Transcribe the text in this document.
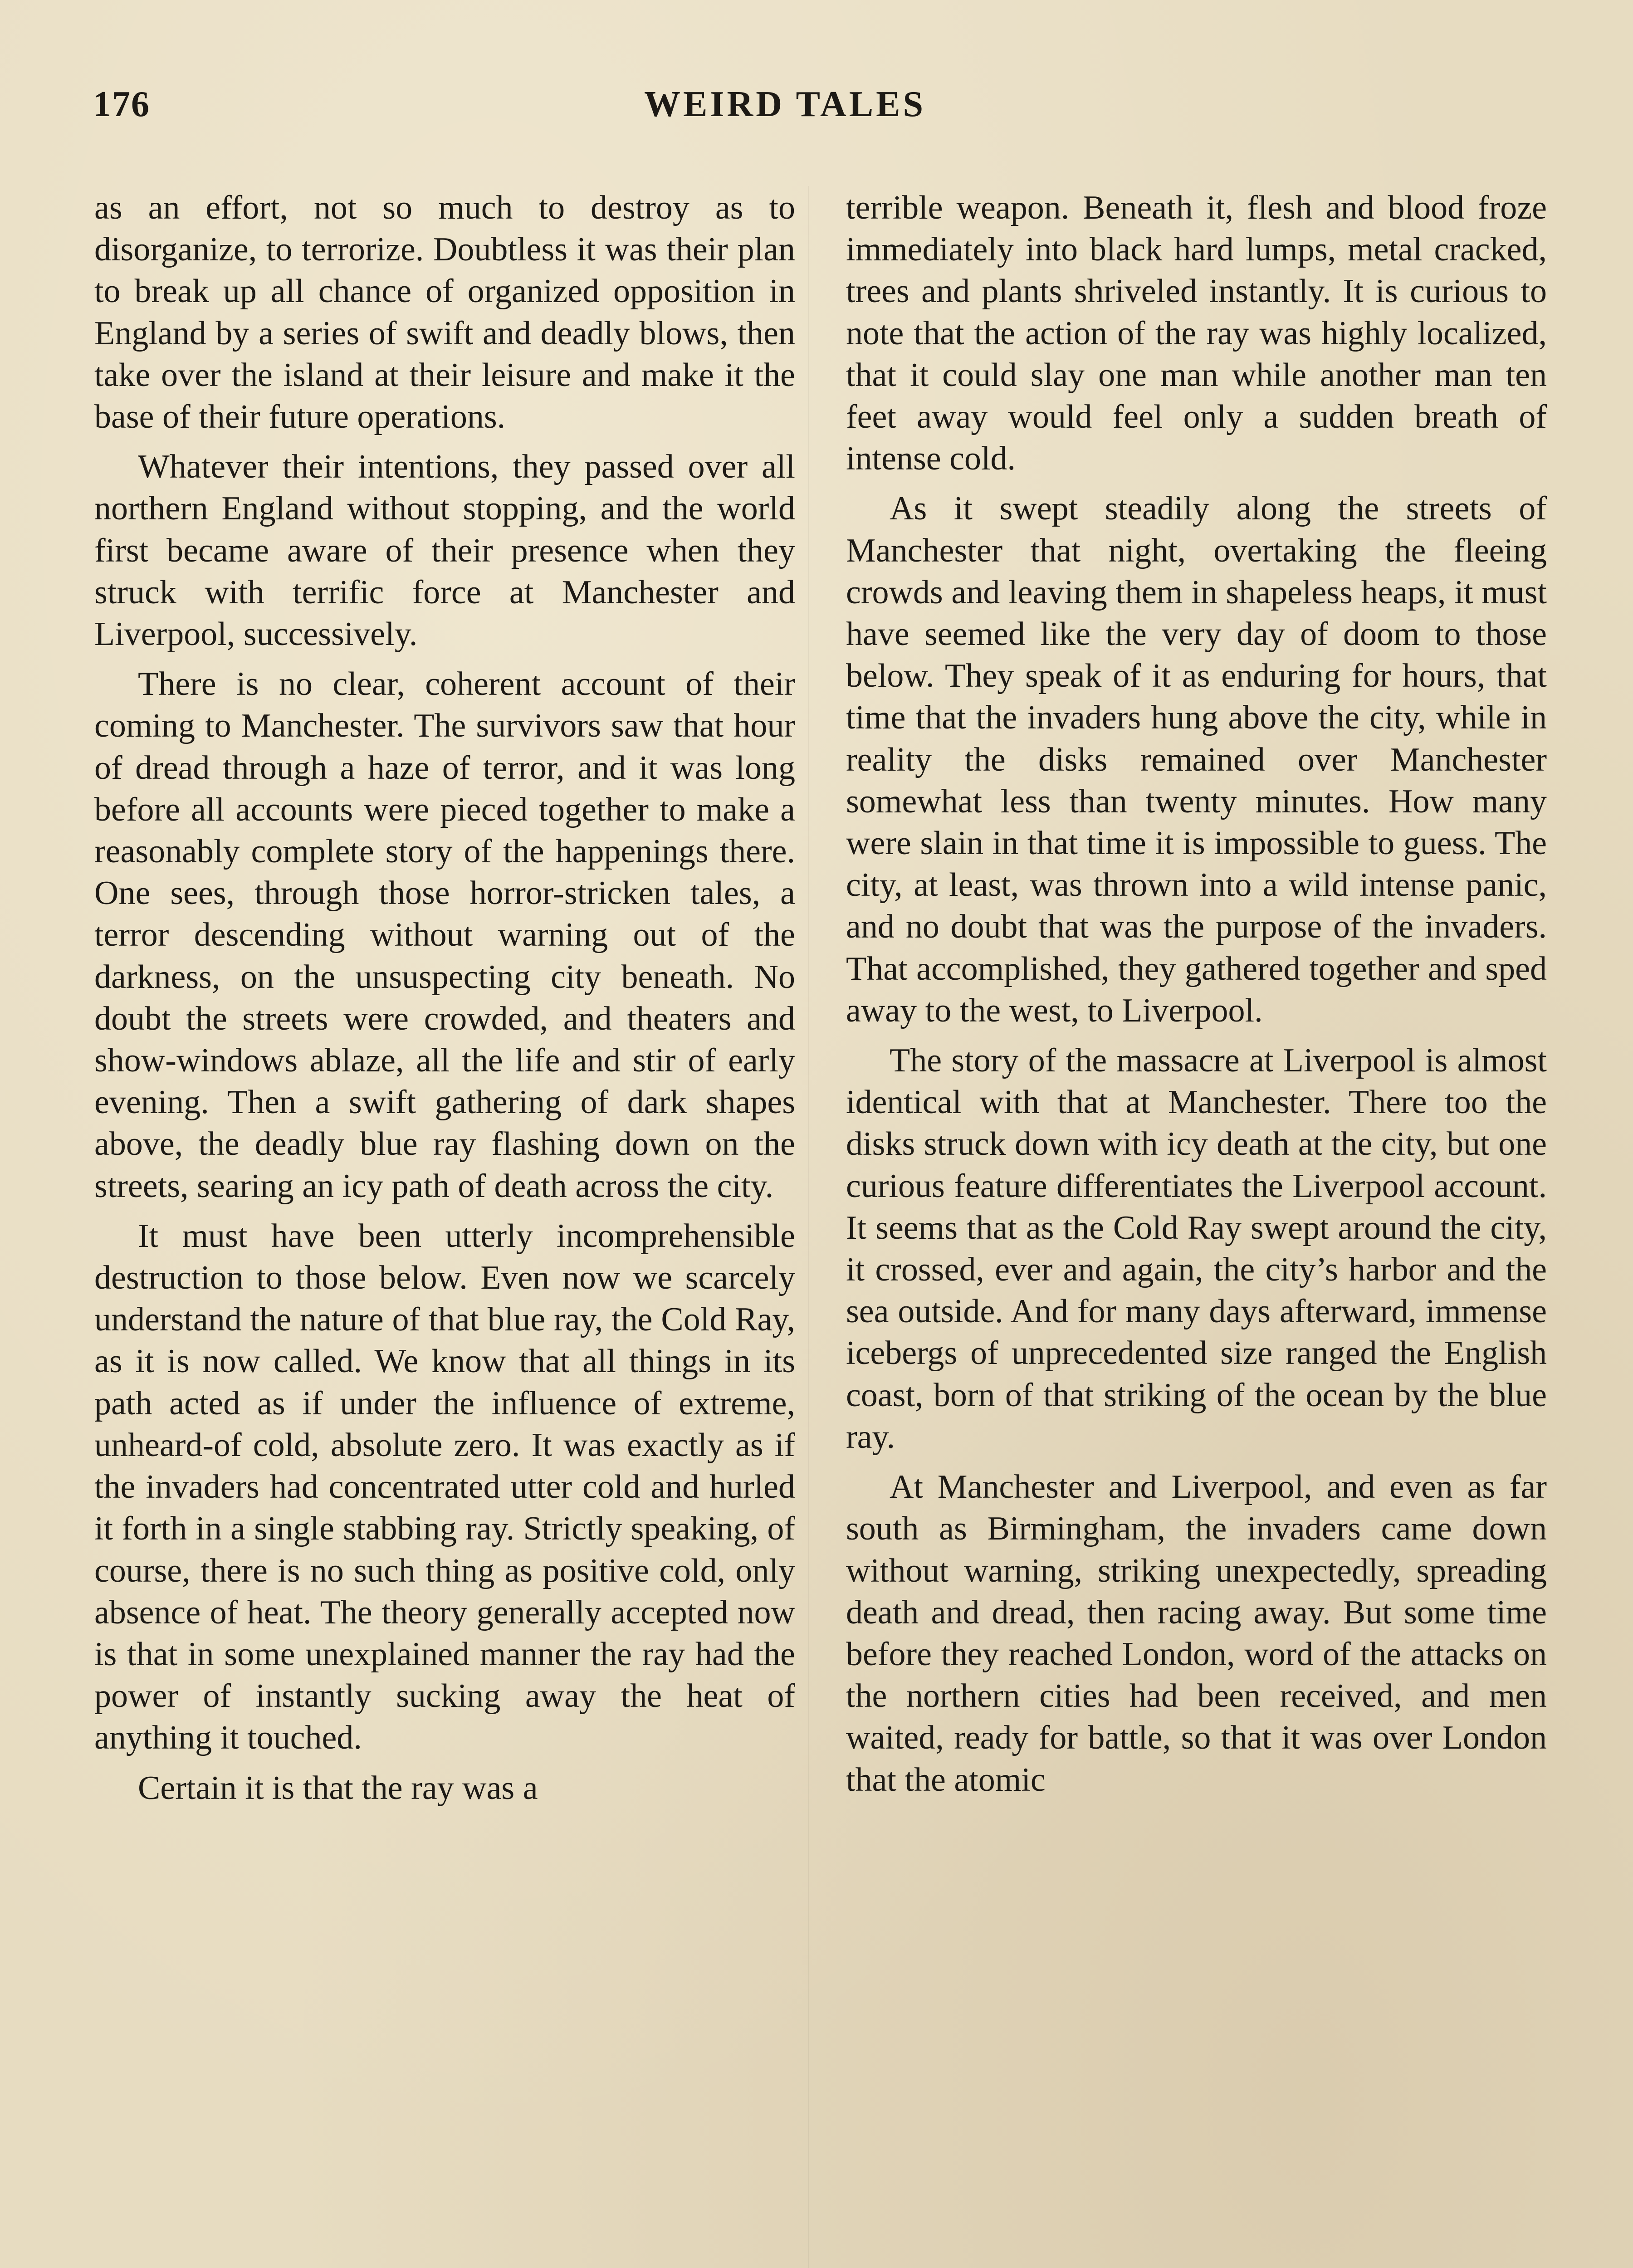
176	WEIRD TALES

as an effort, not so much to destroy as to disorganize, to terrorize. Doubtless it was their plan to break up all chance of organized opposition in England by a series of swift and deadly blows, then take over the island at their leisure and make it the base of their future operations.

Whatever their intentions, they passed over all northern England without stopping, and the world first became aware of their presence when they struck with terrific force at Manchester and Liverpool, successively.

There is no clear, coherent account of their coming to Manchester. The survivors saw that hour of dread through a haze of terror, and it was long before all accounts were pieced together to make a reasonably complete story of the happenings there. One sees, through those horror-stricken tales, a terror descending without warning out of the darkness, on the unsuspecting city beneath. No doubt the streets were crowded, and theaters and show-windows ablaze, all the life and stir of early evening. Then a swift gathering of dark shapes above, the deadly blue ray flashing down on the streets, searing an icy path of death across the city.

It must have been utterly incomprehensible destruction to those below. Even now we scarcely understand the nature of that blue ray, the Cold Ray, as it is now called. We know that all things in its path acted as if under the influence of extreme, unheard-of cold, absolute zero. It was exactly as if the invaders had concentrated utter cold and hurled it forth in a single stabbing ray. Strictly speaking, of course, there is no such thing as positive cold, only absence of heat. The theory generally accepted now is that in some unexplained manner the ray had the power of instantly sucking away the heat of anything it touched.

Certain it is that the ray was a

terrible weapon. Beneath it, flesh and blood froze immediately into black hard lumps, metal cracked, trees and plants shriveled instantly. It is curious to note that the action of the ray was highly localized, that it could slay one man while another man ten feet away would feel only a sudden breath of intense cold.

As it swept steadily along the streets of Manchester that night, overtaking the fleeing crowds and leaving them in shapeless heaps, it must have seemed like the very day of doom to those below. They speak of it as enduring for hours, that time that the invaders hung above the city, while in reality the disks remained over Manchester somewhat less than twenty minutes. How many were slain in that time it is impossible to guess. The city, at least, was thrown into a wild intense panic, and no doubt that was the purpose of the invaders. That accomplished, they gathered together and sped away to the west, to Liverpool.

The story of the massacre at Liverpool is almost identical with that at Manchester. There too the disks struck down with icy death at the city, but one curious feature differentiates the Liverpool account. It seems that as the Cold Ray swept around the city, it crossed, ever and again, the city’s harbor and the sea outside. And for many days afterward, immense icebergs of unprecedented size ranged the English coast, born of that striking of the ocean by the blue ray.

At Manchester and Liverpool, and even as far south as Birmingham, the invaders came down without warning, striking unexpectedly, spreading death and dread, then racing away. But some time before they reached London, word of the attacks on the northern cities had been received, and men waited, ready for battle, so that it was over London that the atomic
